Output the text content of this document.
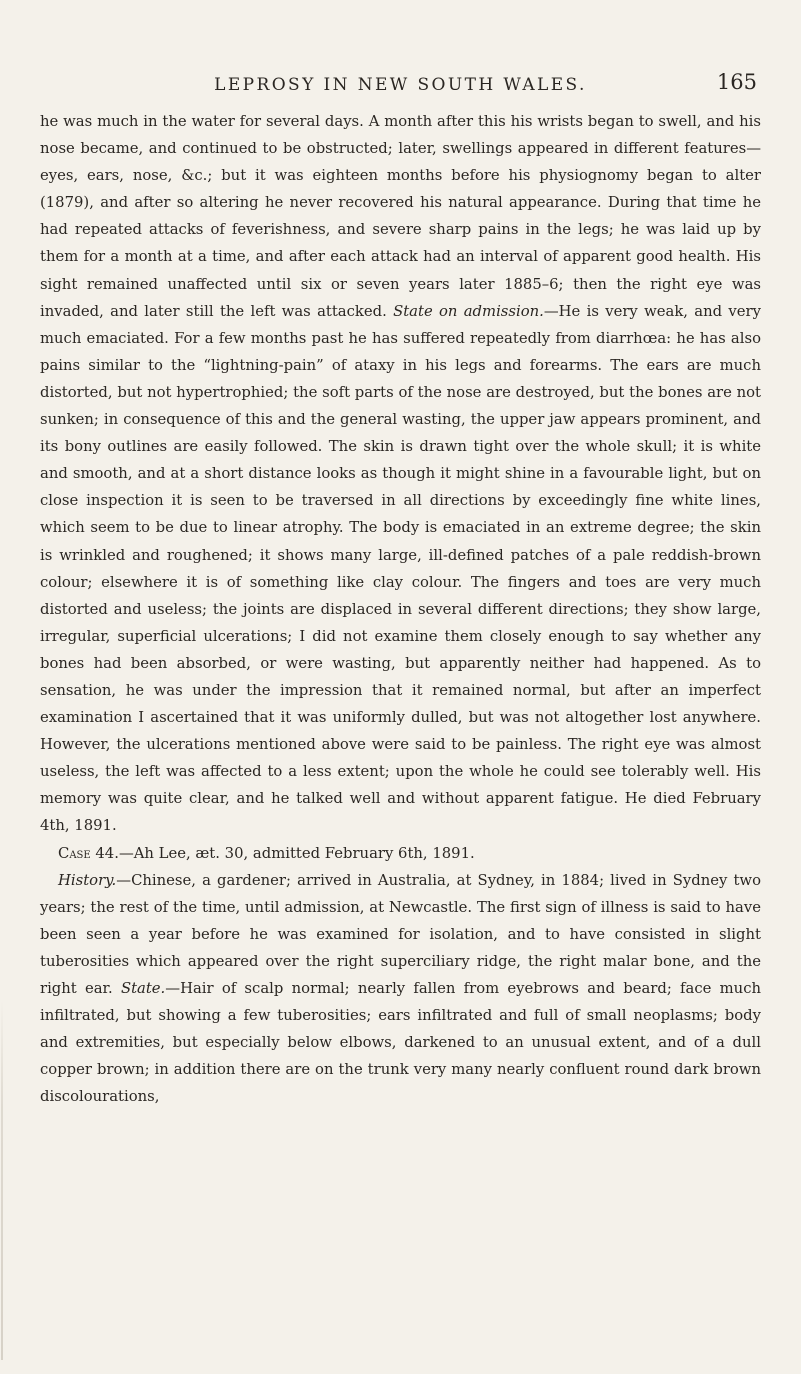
LEPROSY IN NEW SOUTH WALES.	165

he was much in the water for several days. A month after this his wrists began to swell, and his nose became, and continued to be obstructed; later, swellings appeared in different features—eyes, ears, nose, &c.; but it was eighteen months before his physiognomy began to alter (1879), and after so altering he never recovered his natural appearance. During that time he had repeated attacks of feverishness, and severe sharp pains in the legs; he was laid up by them for a month at a time, and after each attack had an interval of apparent good health. His sight remained unaffected until six or seven years later 1885–6; then the right eye was invaded, and later still the left was attacked. State on admission.—He is very weak, and very much emaciated. For a few months past he has suffered repeatedly from diarrhœa: he has also pains similar to the “lightning-pain” of ataxy in his legs and forearms. The ears are much distorted, but not hypertrophied; the soft parts of the nose are destroyed, but the bones are not sunken; in consequence of this and the general wasting, the upper jaw appears prominent, and its bony outlines are easily followed. The skin is drawn tight over the whole skull; it is white and smooth, and at a short distance looks as though it might shine in a favourable light, but on close inspection it is seen to be traversed in all directions by exceedingly fine white lines, which seem to be due to linear atrophy. The body is emaciated in an extreme degree; the skin is wrinkled and roughened; it shows many large, ill-defined patches of a pale reddish-brown colour; elsewhere it is of something like clay colour. The fingers and toes are very much distorted and useless; the joints are displaced in several different directions; they show large, irregular, superficial ulcerations; I did not examine them closely enough to say whether any bones had been absorbed, or were wasting, but apparently neither had happened. As to sensation, he was under the impression that it remained normal, but after an imperfect examination I ascertained that it was uniformly dulled, but was not altogether lost anywhere. However, the ulcerations mentioned above were said to be painless. The right eye was almost useless, the left was affected to a less extent; upon the whole he could see tolerably well. His memory was quite clear, and he talked well and without apparent fatigue. He died February 4th, 1891.

Case 44.—Ah Lee, æt. 30, admitted February 6th, 1891.

History.—Chinese, a gardener; arrived in Australia, at Sydney, in 1884; lived in Sydney two years; the rest of the time, until admission, at Newcastle. The first sign of illness is said to have been seen a year before he was examined for isolation, and to have consisted in slight tuberosities which appeared over the right superciliary ridge, the right malar bone, and the right ear. State.—Hair of scalp normal; nearly fallen from eyebrows and beard; face much infiltrated, but showing a few tuberosities; ears infiltrated and full of small neoplasms; body and extremities, but especially below elbows, darkened to an unusual extent, and of a dull copper brown; in addition there are on the trunk very many nearly confluent round dark brown discolourations,
